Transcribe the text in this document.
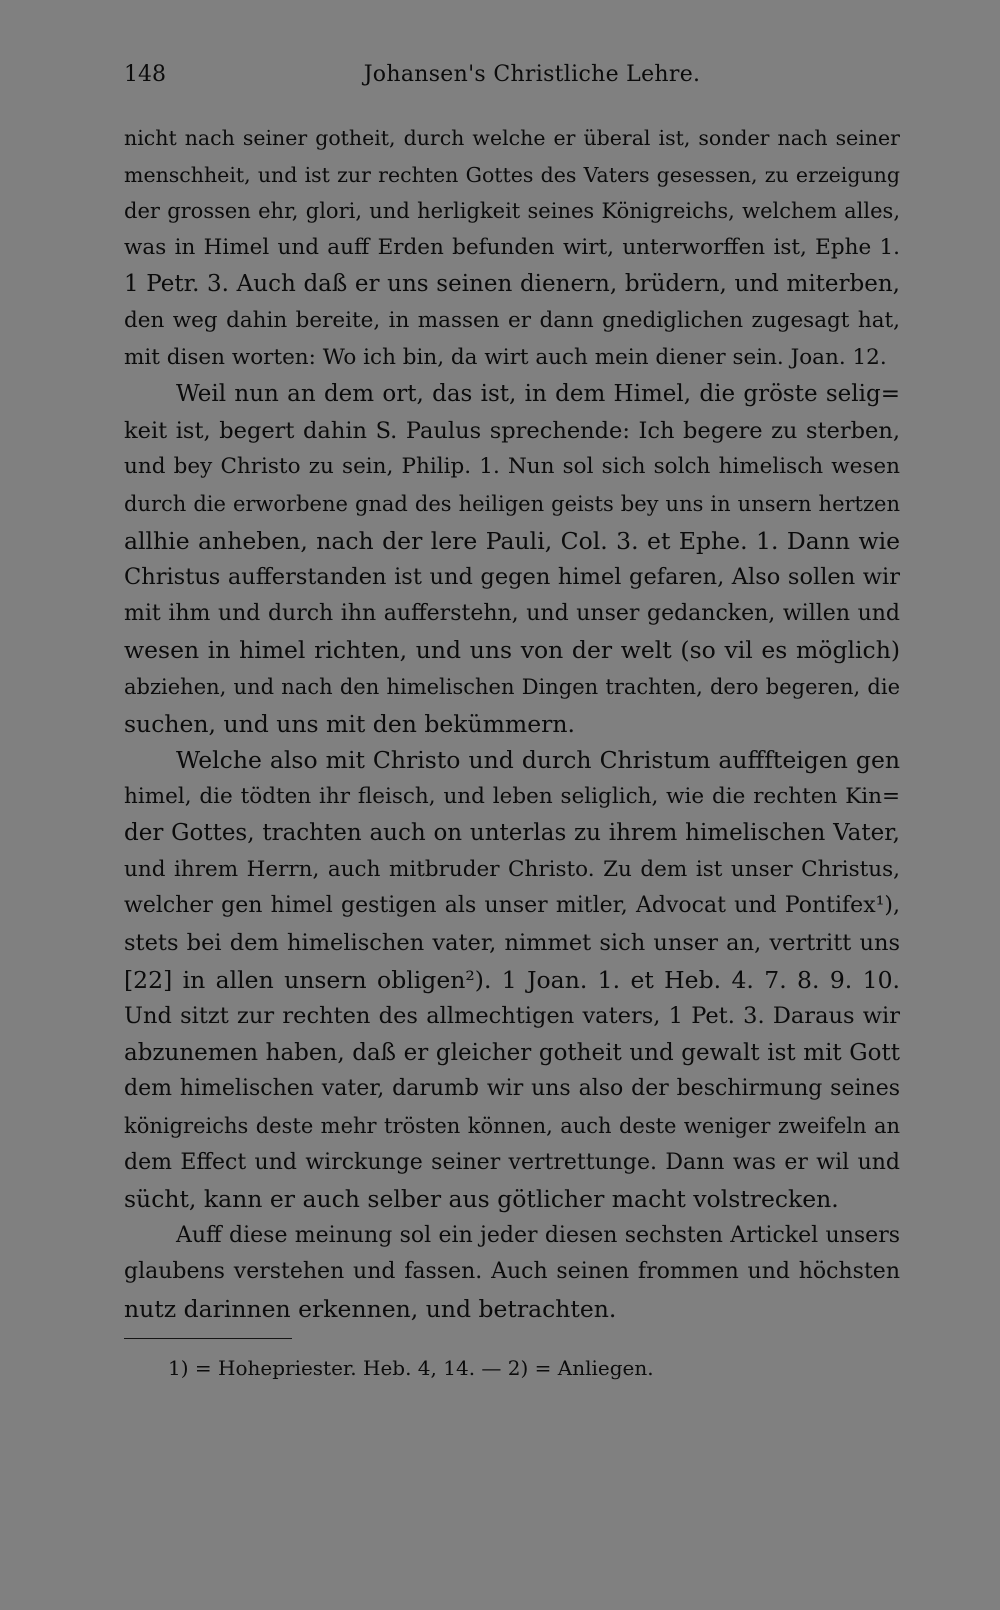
148	Johansen's Christliche Lehre.
nicht nach seiner gotheit, durch welche er überal ist, sonder nach seiner
menschheit, und ist zur rechten Gottes des Vaters gesessen, zu erzeigung
der grossen ehr, glori, und herligkeit seines Königreichs, welchem alles,
was in Himel und auff Erden befunden wirt, unterworffen ist, Ephe 1.
1 Petr. 3. Auch daß er uns seinen dienern, brüdern, und miterben,
den weg dahin bereite, in massen er dann gnediglichen zugesagt hat,
mit disen worten: Wo ich bin, da wirt auch mein diener sein. Joan. 12.
Weil nun an dem ort, das ist, in dem Himel, die gröste selig=
keit ist, begert dahin S. Paulus sprechende: Ich begere zu sterben,
und bey Christo zu sein, Philip. 1. Nun sol sich solch himelisch wesen
durch die erworbene gnad des heiligen geists bey uns in unsern hertzen
allhie anheben, nach der lere Pauli, Col. 3. et Ephe. 1. Dann wie
Christus aufferstanden ist und gegen himel gefaren, Also sollen wir
mit ihm und durch ihn aufferstehn, und unser gedancken, willen und
wesen in himel richten, und uns von der welt (so vil es möglich)
abziehen, und nach den himelischen Dingen trachten, dero begeren, die
suchen, und uns mit den bekümmern.
Welche also mit Christo und durch Christum aufffteigen gen
himel, die tödten ihr fleisch, und leben seliglich, wie die rechten Kin=
der Gottes, trachten auch on unterlas zu ihrem himelischen Vater,
und ihrem Herrn, auch mitbruder Christo. Zu dem ist unser Christus,
welcher gen himel gestigen als unser mitler, Advocat und Pontifex¹),
stets bei dem himelischen vater, nimmet sich unser an, vertritt uns
[22] in allen unsern obligen²). 1 Joan. 1. et Heb. 4. 7. 8. 9. 10.
Und sitzt zur rechten des allmechtigen vaters, 1 Pet. 3. Daraus wir
abzunemen haben, daß er gleicher gotheit und gewalt ist mit Gott
dem himelischen vater, darumb wir uns also der beschirmung seines
königreichs deste mehr trösten können, auch deste weniger zweifeln an
dem Effect und wirckunge seiner vertrettunge. Dann was er wil und
sücht, kann er auch selber aus götlicher macht volstrecken.
Auff diese meinung sol ein jeder diesen sechsten Artickel unsers
glaubens verstehen und fassen. Auch seinen frommen und höchsten
nutz darinnen erkennen, und betrachten.
1) = Hohepriester. Heb. 4, 14. — 2) = Anliegen.
